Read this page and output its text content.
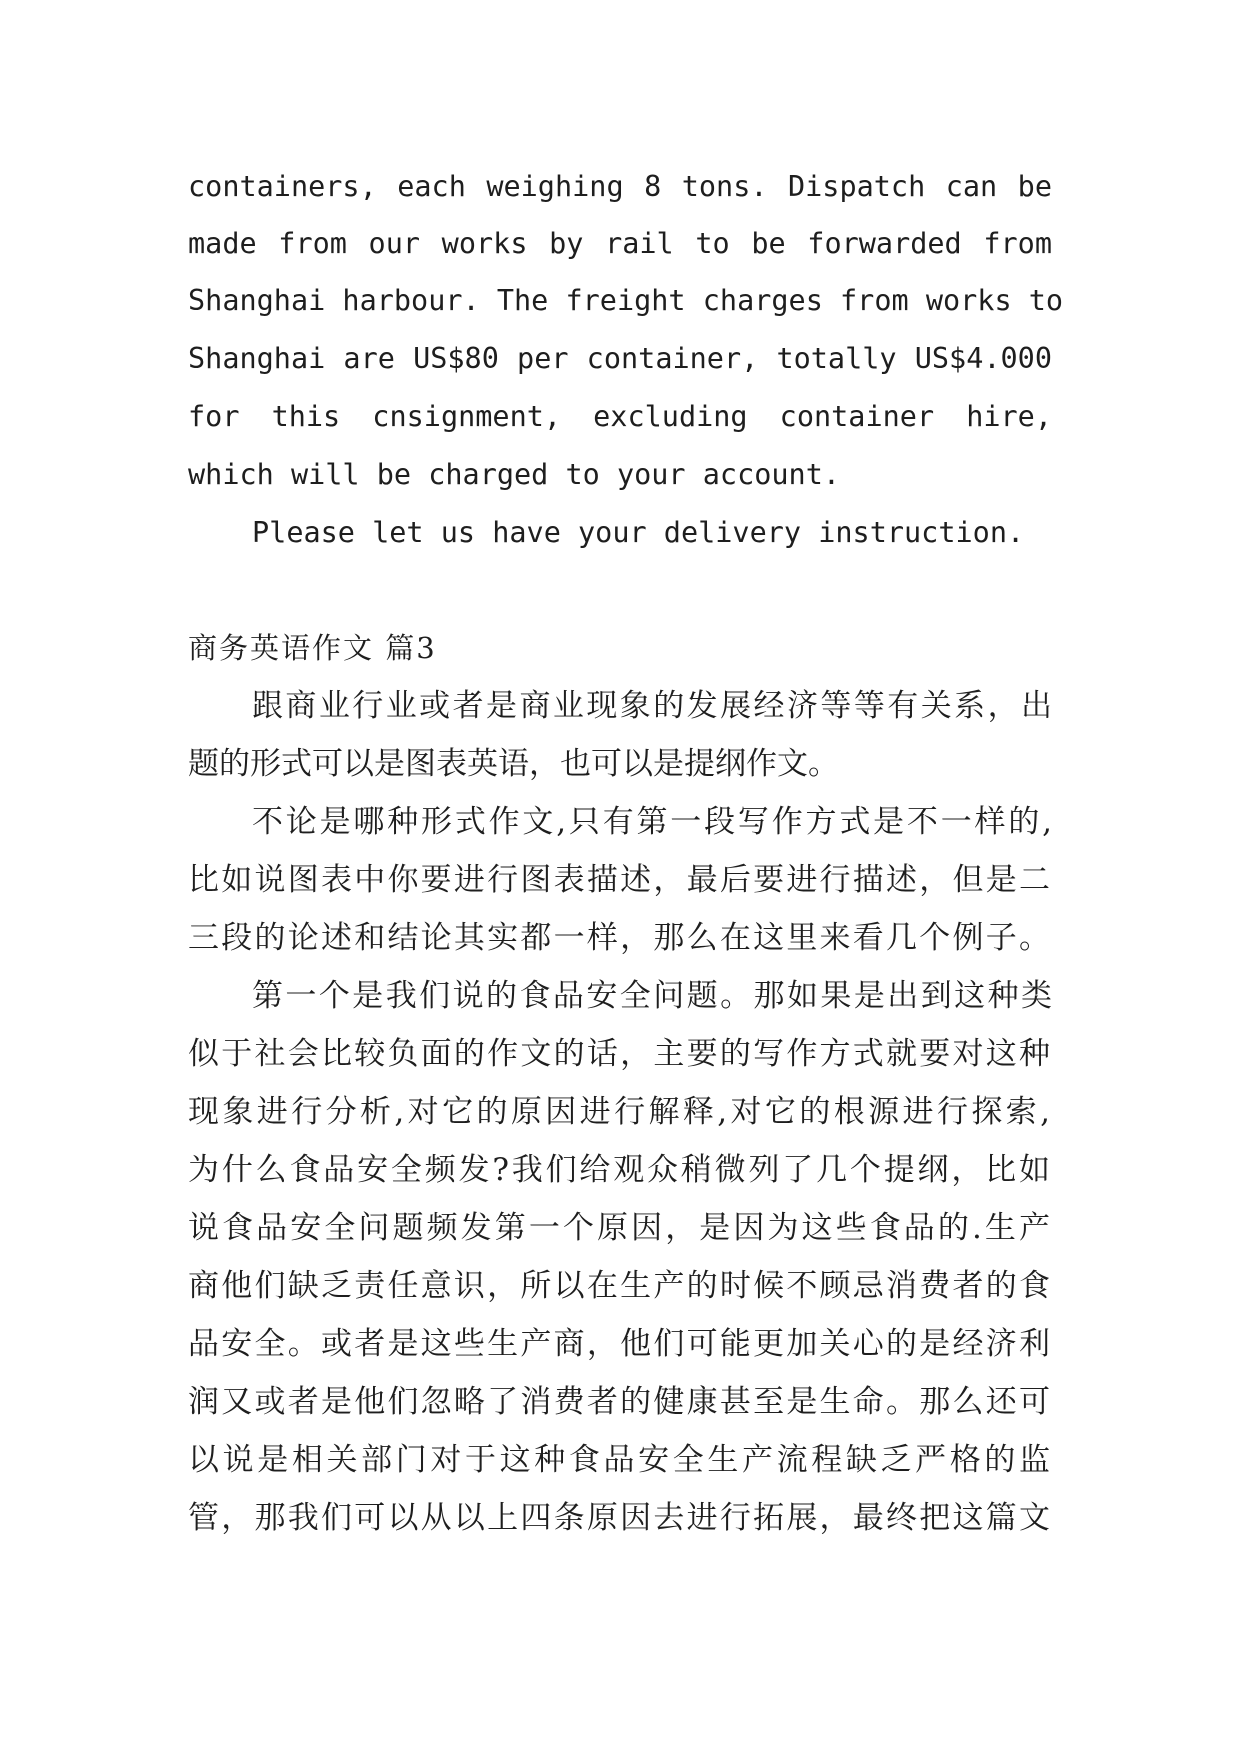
containers, each weighing 8 tons. Dispatch can be

made from our works by rail to be forwarded from

Shanghai harbour. The freight charges from works to

Shanghai are US$80 per container, totally US$4.000

for this cnsignment, excluding container hire,

which will be charged to your account.

Please let us have your delivery instruction.

商务英语作文 篇3

跟商业行业或者是商业现象的发展经济等等有关系，出

题的形式可以是图表英语，也可以是提纲作文。

不论是哪种形式作文,只有第一段写作方式是不一样的,

比如说图表中你要进行图表描述，最后要进行描述，但是二

三段的论述和结论其实都一样，那么在这里来看几个例子。

第一个是我们说的食品安全问题。那如果是出到这种类

似于社会比较负面的作文的话，主要的写作方式就要对这种

现象进行分析,对它的原因进行解释,对它的根源进行探索,

为什么食品安全频发?我们给观众稍微列了几个提纲，比如

说食品安全问题频发第一个原因，是因为这些食品的.生产

商他们缺乏责任意识，所以在生产的时候不顾忌消费者的食

品安全。或者是这些生产商，他们可能更加关心的是经济利

润又或者是他们忽略了消费者的健康甚至是生命。那么还可

以说是相关部门对于这种食品安全生产流程缺乏严格的监

管，那我们可以从以上四条原因去进行拓展，最终把这篇文
